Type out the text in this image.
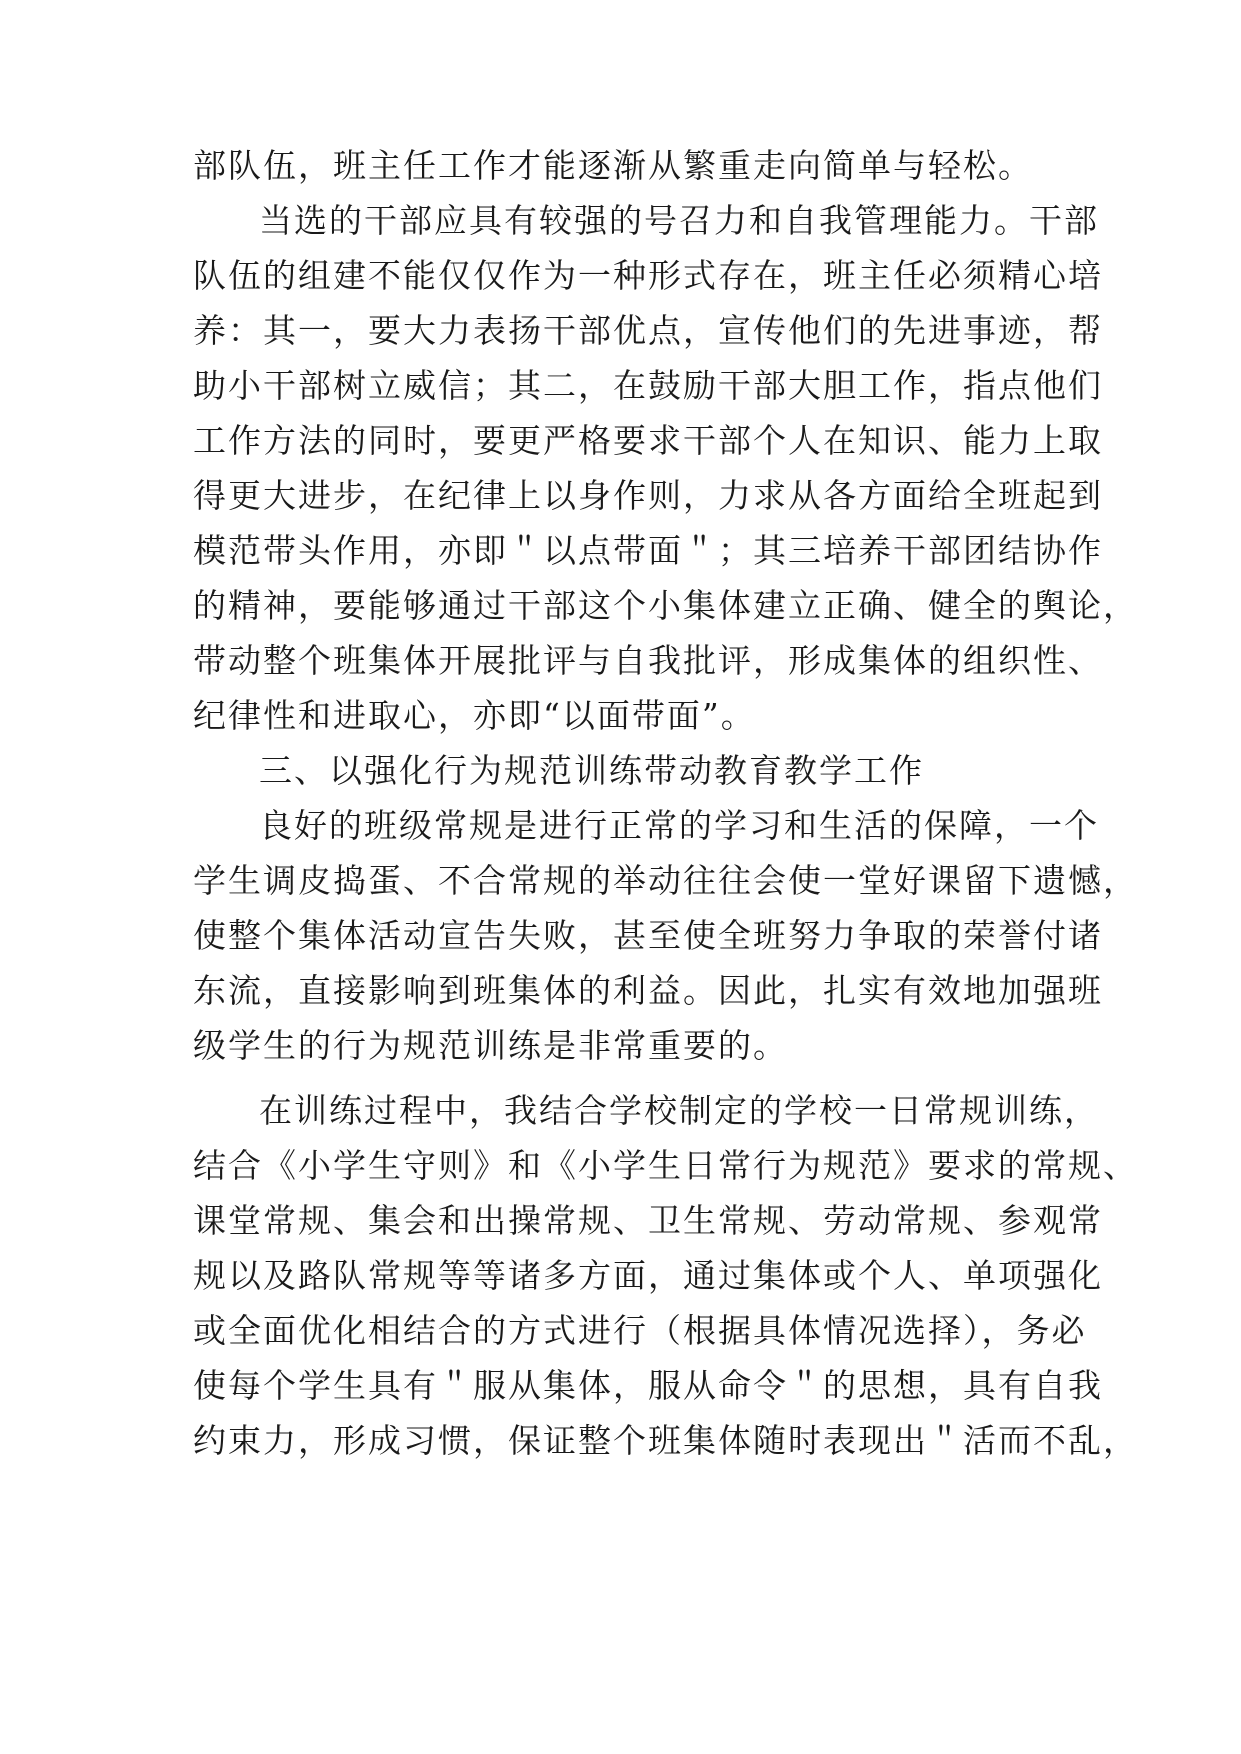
部队伍，班主任工作才能逐渐从繁重走向简单与轻松。
当选的干部应具有较强的号召力和自我管理能力。干部
队伍的组建不能仅仅作为一种形式存在，班主任必须精心培
养：其一，要大力表扬干部优点，宣传他们的先进事迹，帮
助小干部树立威信；其二，在鼓励干部大胆工作，指点他们
工作方法的同时，要更严格要求干部个人在知识、能力上取
得更大进步，在纪律上以身作则，力求从各方面给全班起到
模范带头作用，亦即＂以点带面＂；其三培养干部团结协作
的精神，要能够通过干部这个小集体建立正确、健全的舆论，
带动整个班集体开展批评与自我批评，形成集体的组织性、
纪律性和进取心，亦即“以面带面”。
三、以强化行为规范训练带动教育教学工作
良好的班级常规是进行正常的学习和生活的保障，一个
学生调皮捣蛋、不合常规的举动往往会使一堂好课留下遗憾，
使整个集体活动宣告失败，甚至使全班努力争取的荣誉付诸
东流，直接影响到班集体的利益。因此，扎实有效地加强班
级学生的行为规范训练是非常重要的。
在训练过程中，我结合学校制定的学校一日常规训练，
结合《小学生守则》和《小学生日常行为规范》要求的常规、
课堂常规、集会和出操常规、卫生常规、劳动常规、参观常
规以及路队常规等等诸多方面，通过集体或个人、单项强化
或全面优化相结合的方式进行（根据具体情况选择），务必
使每个学生具有＂服从集体，服从命令＂的思想，具有自我
约束力，形成习惯，保证整个班集体随时表现出＂活而不乱，
